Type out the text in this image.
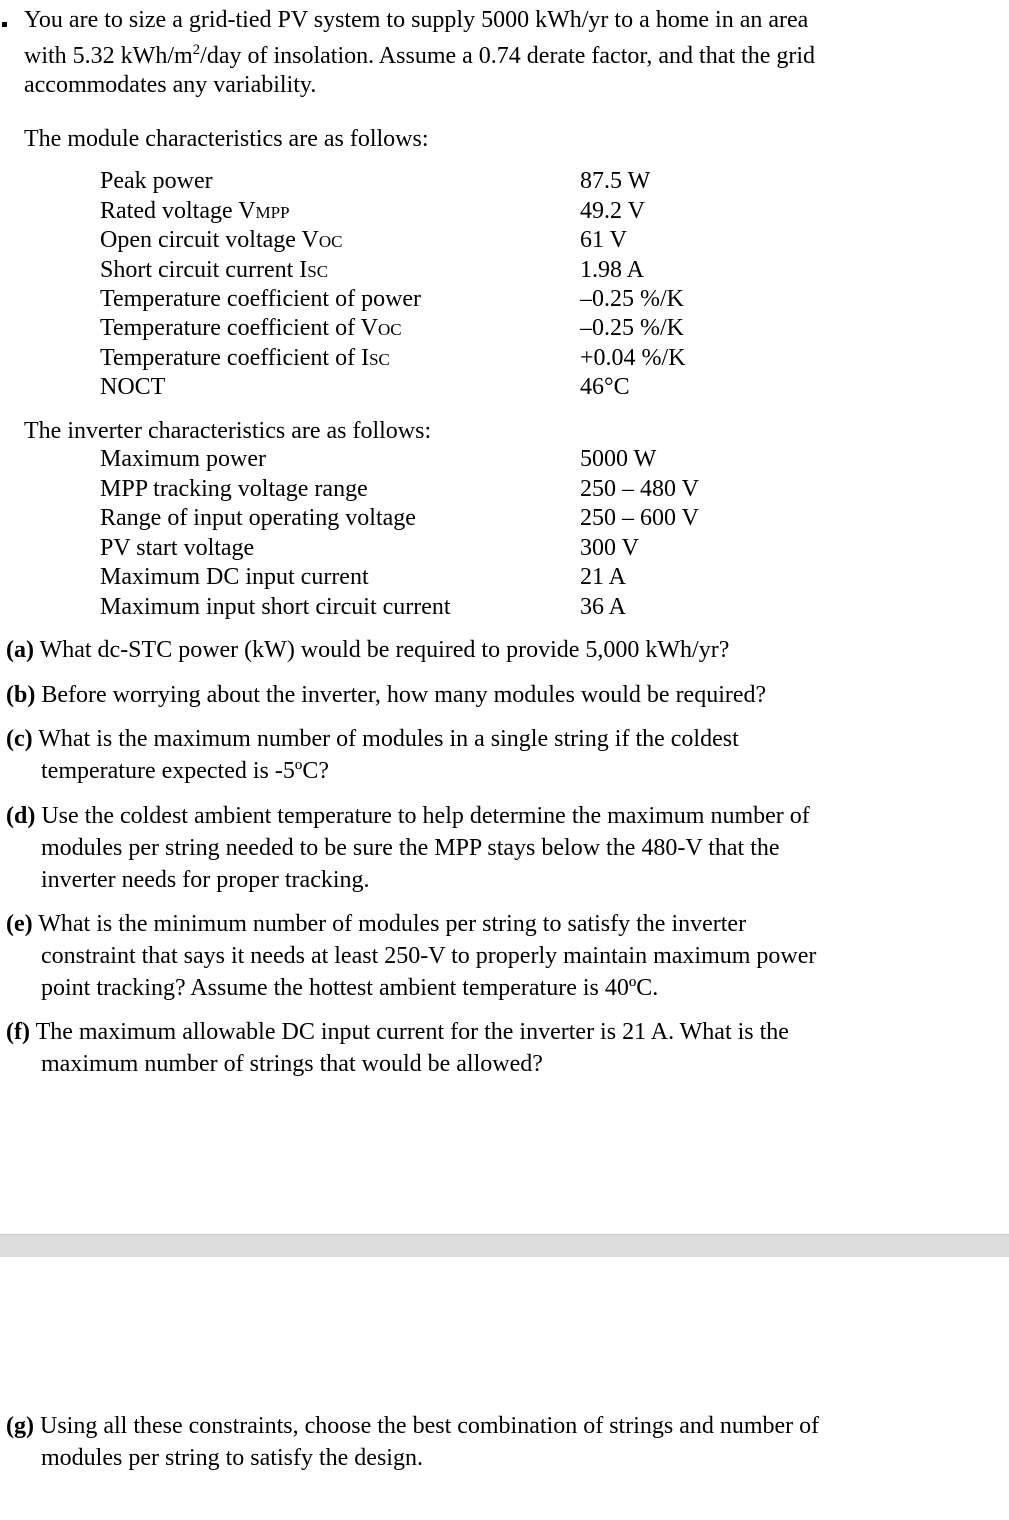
You are to size a grid-tied PV system to supply 5000 kWh/yr to a home in an area
with 5.32 kWh/$m^2$/day of insolation. Assume a 0.74 derate factor, and that the grid
accommodates any variability.
The module characteristics are as follows:
Peak power	87.5 W
Rated voltage VMPP	49.2 V
Open circuit voltage VOC	61 V
Short circuit current ISC	1.98 A
Temperature coefficient of power	–0.25 %/K
Temperature coefficient of VOC	–0.25 %/K
Temperature coefficient of ISC	+0.04 %/K
NOCT	46°C
The inverter characteristics are as follows:
Maximum power	5000 W
MPP tracking voltage range	250 – 480 V
Range of input operating voltage	250 – 600 V
PV start voltage	300 V
Maximum DC input current	21 A
Maximum input short circuit current	36 A
(a) What dc-STC power (kW) would be required to provide 5,000 kWh/yr?
(b) Before worrying about the inverter, how many modules would be required?
(c) What is the maximum number of modules in a single string if the coldest
temperature expected is -5ºC?
(d) Use the coldest ambient temperature to help determine the maximum number of
modules per string needed to be sure the MPP stays below the 480-V that the
inverter needs for proper tracking.
(e) What is the minimum number of modules per string to satisfy the inverter
constraint that says it needs at least 250-V to properly maintain maximum power
point tracking? Assume the hottest ambient temperature is 40ºC.
(f) The maximum allowable DC input current for the inverter is 21 A. What is the
maximum number of strings that would be allowed?
(g) Using all these constraints, choose the best combination of strings and number of
modules per string to satisfy the design.
